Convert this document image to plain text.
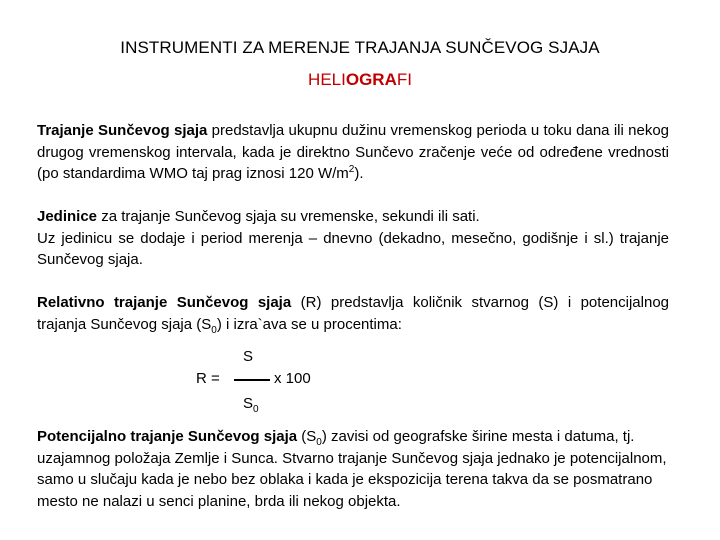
INSTRUMENTI ZA MERENJE TRAJANJA SUNČEVOG SJAJA
HELIOGRAFI
Trajanje Sunčevog sjaja predstavlja ukupnu dužinu vremenskog perioda u toku dana ili nekog drugog vremenskog intervala, kada je direktno Sunčevo zračenje veće od određene vrednosti (po standardima WMO taj prag iznosi 120 $W/m^2$).
Jedinice za trajanje Sunčevog sjaja su vremenske, sekundi ili sati.
Uz jedinicu se dodaje i period merenja – dnevno (dekadno, mesečno, godišnje i sl.) trajanje Sunčevog sjaja.
Relativno trajanje Sunčevog sjaja (R) predstavlja količnik stvarnog (S) i potencijalnog trajanja Sunčevog sjaja $(S_0)$ i izra`ava se u procentima:
R =
S
$S_0$
x 100
Potencijalno trajanje Sunčevog sjaja $(S_0)$ zavisi od geografske širine mesta i datuma, tj. uzajamnog položaja Zemlje i Sunca. Stvarno trajanje Sunčevog sjaja jednako je potencijalnom, samo u slučaju kada je nebo bez oblaka i kada je ekspozicija terena takva da se posmatrano mesto ne nalazi u senci planine, brda ili nekog objekta.
